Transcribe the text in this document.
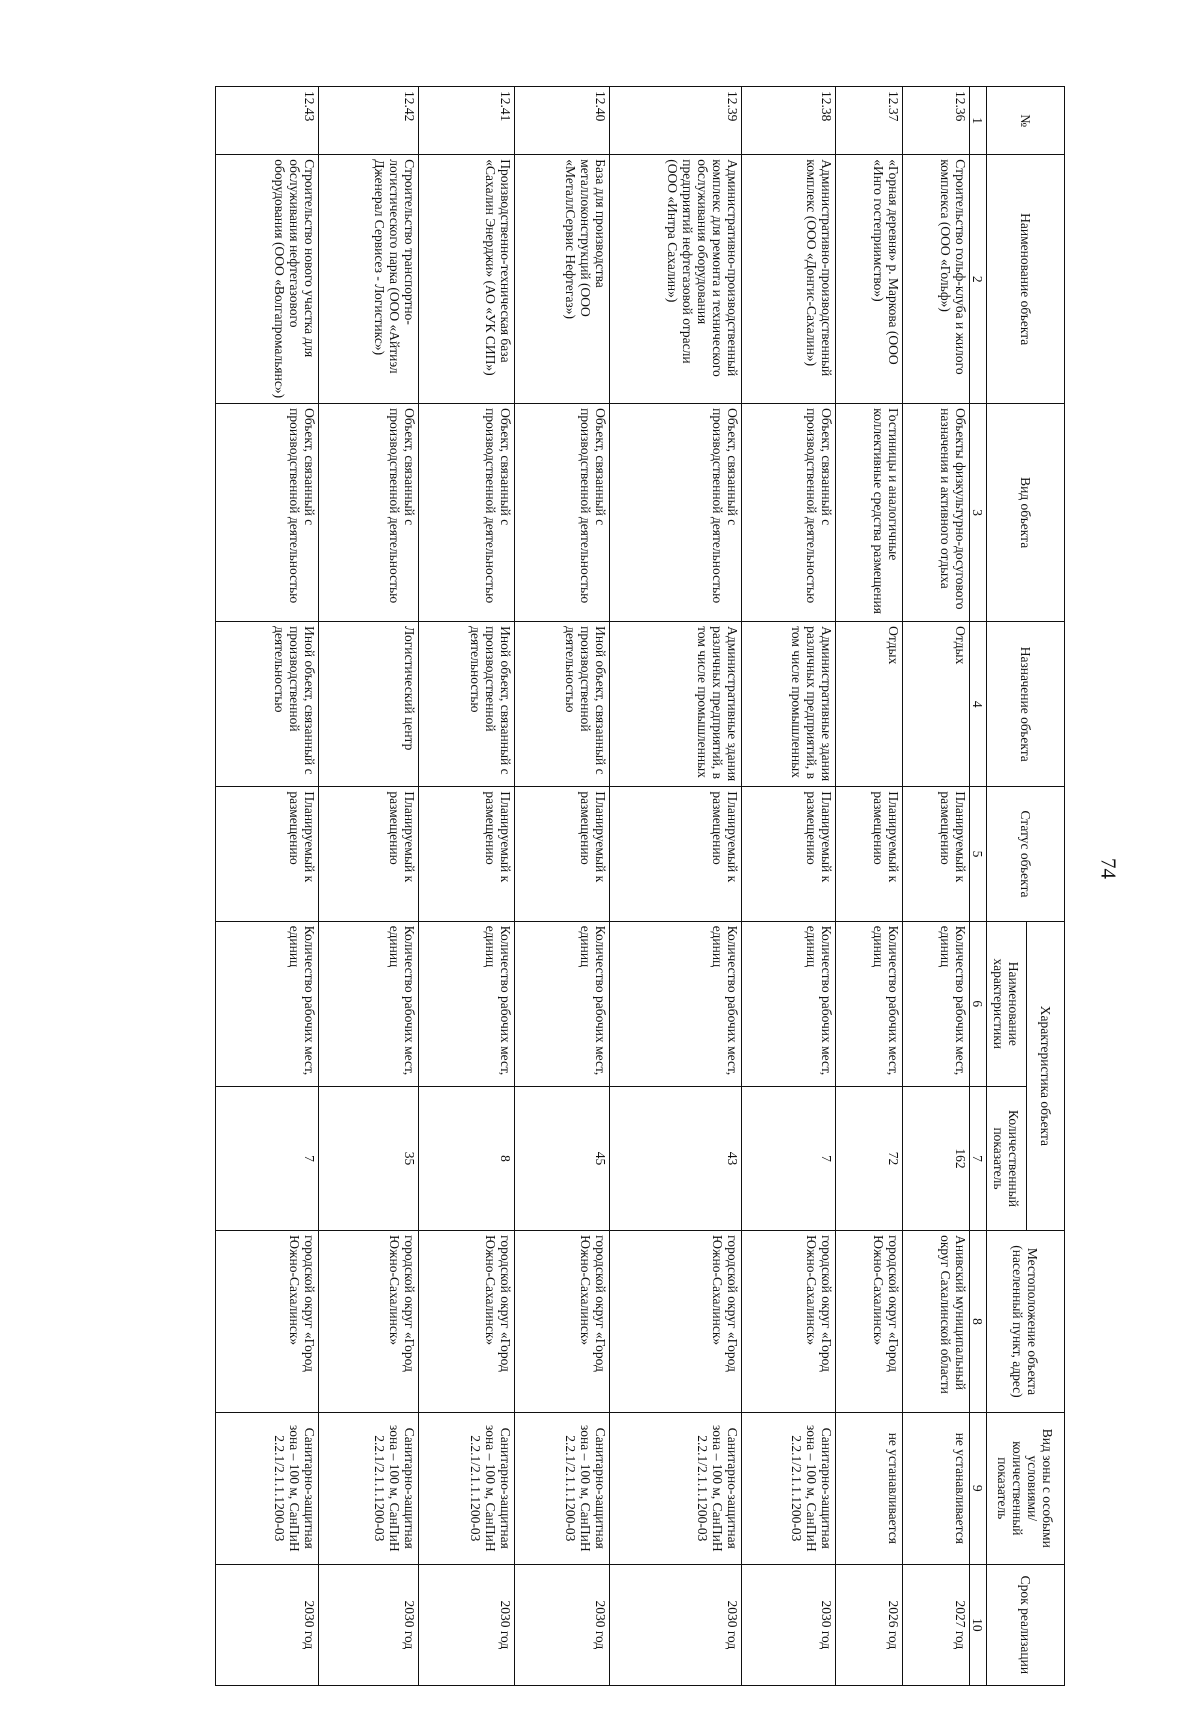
74
№	Наименование объекта	Вид объекта	Назначение объекта	Статус объекта	Характеристика объекта		Местоположение объекта (населенный пункт, адрес)	Вид зоны с особыми условиями/ количественный показатель	Срок реализации
					Наименование характеристики	Количественный показатель			
1	2	3	4	5	6	7	8	9	10
12.36	Строительство гольф-клуба и жилого комплекса (ООО «Гольф»)	Объекты физкультурно-досугового назначения и активного отдыха	Отдых	Планируемый к размещению	Количество рабочих мест, единиц	162	Анивский муниципальный округ Сахалинской области	не устанавливается	2027 год
12.37	«Горная деревня» р. Маркова (ООО «Инго гостеприимство»)	Гостиницы и аналогичные коллективные средства размещения	Отдых	Планируемый к размещению	Количество рабочих мест, единиц	72	городской округ «Город Южно-Сахалинск»	не устанавливается	2026 год
12.38	Административно-производственный комплекс (ООО «Донгис-Сахалин»)	Объект, связанный с производственной деятельностью	Административные здания различных предприятий, в том числе промышленных	Планируемый к размещению	Количество рабочих мест, единиц	7	городской округ «Город Южно-Сахалинск»	Санитарно-защитная зона – 100 м, СанПиН 2.2.1/2.1.1.1200-03	2030 год
12.39	Административно-производственный комплекс для ремонта и технического обслуживания оборудования предприятий нефтегазовой отрасли (ООО «Интра Сахалин»)	Объект, связанный с производственной деятельностью	Административные здания различных предприятий, в том числе промышленных	Планируемый к размещению	Количество рабочих мест, единиц	43	городской округ «Город Южно-Сахалинск»	Санитарно-защитная зона – 100 м, СанПиН 2.2.1/2.1.1.1200-03	2030 год
12.40	База для производства металлоконструкций (ООО «МеталлСервис Нефтегаз»)	Объект, связанный с производственной деятельностью	Иной объект, связанный с производственной деятельностью	Планируемый к размещению	Количество рабочих мест, единиц	45	городской округ «Город Южно-Сахалинск»	Санитарно-защитная зона – 100 м, СанПиН 2.2.1/2.1.1.1200-03	2030 год
12.41	Производственно-техническая база «Сахалин Энерджи» (АО «УК СИП»)	Объект, связанный с производственной деятельностью	Иной объект, связанный с производственной деятельностью	Планируемый к размещению	Количество рабочих мест, единиц	8	городской округ «Город Южно-Сахалинск»	Санитарно-защитная зона – 100 м, СанПиН 2.2.1/2.1.1.1200-03	2030 год
12.42	Строительство транспортно-логистического парка (ООО «Айтиэл Дженерал Сервисез - Логистикс»)	Объект, связанный с производственной деятельностью	Логистический центр	Планируемый к размещению	Количество рабочих мест, единиц	35	городской округ «Город Южно-Сахалинск»	Санитарно-защитная зона – 100 м, СанПиН 2.2.1/2.1.1.1200-03	2030 год
12.43	Строительство нового участка для обслуживания нефтегазового оборудования (ООО «Волгапромальянс»)	Объект, связанный с производственной деятельностью	Иной объект, связанный с производственной деятельностью	Планируемый к размещению	Количество рабочих мест, единиц	7	городской округ «Город Южно-Сахалинск»	Санитарно-защитная зона – 100 м, СанПиН 2.2.1/2.1.1.1200-03	2030 год
